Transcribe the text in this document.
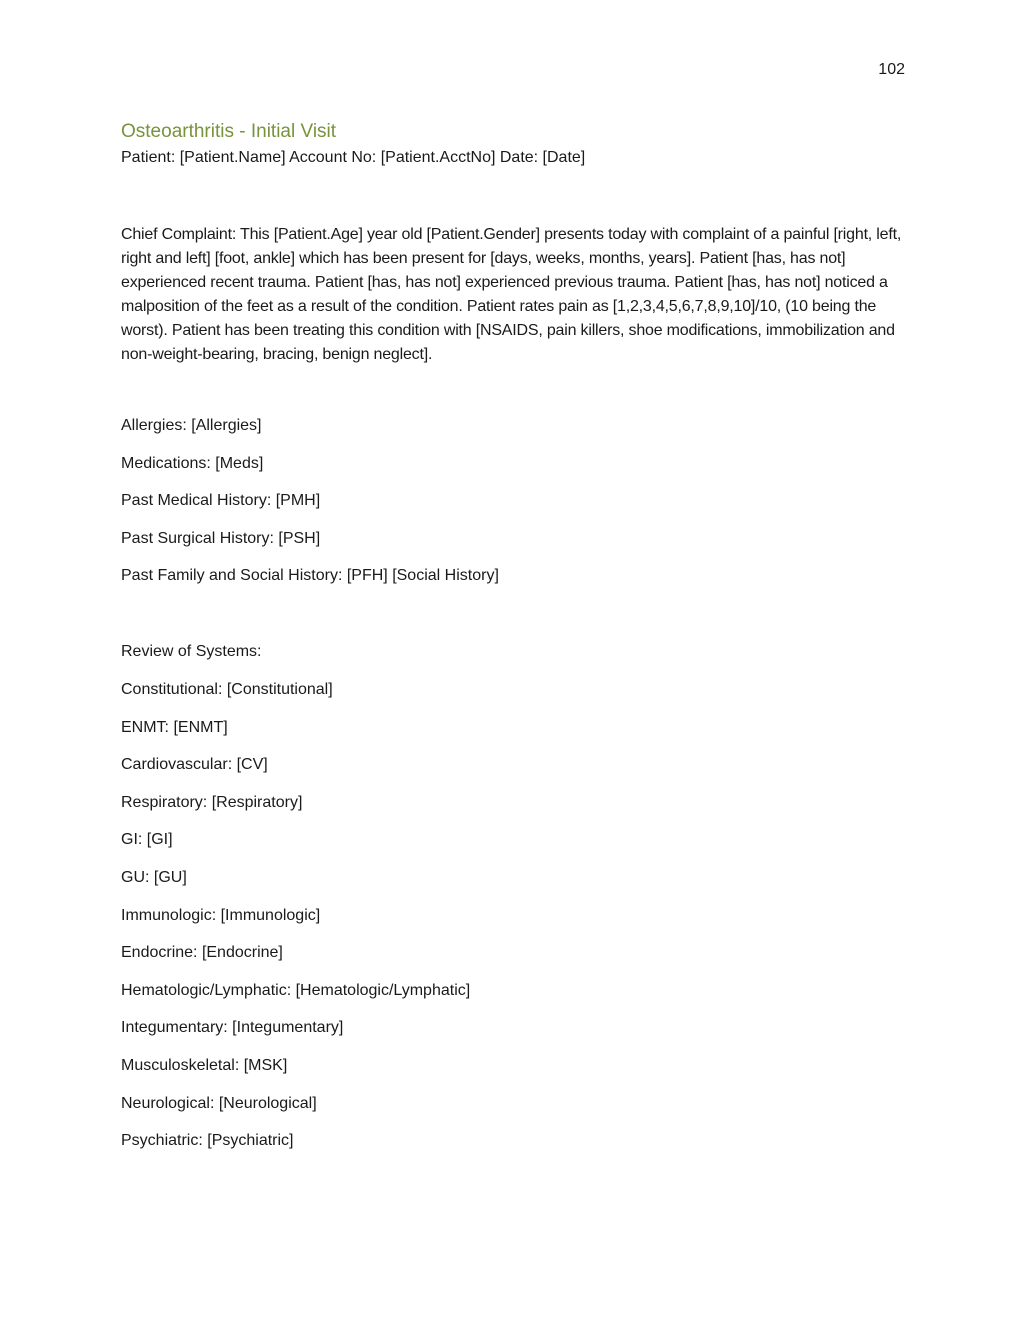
102
Osteoarthritis - Initial Visit

Patient: [Patient.Name] Account No: [Patient.AcctNo] Date: [Date]

Chief Complaint: This [Patient.Age] year old [Patient.Gender] presents today with complaint of a painful [right, left, right and left] [foot, ankle] which has been present for [days, weeks, months, years]. Patient [has, has not] experienced recent trauma. Patient [has, has not] experienced previous trauma. Patient [has, has not] noticed a malposition of the feet as a result of the condition. Patient rates pain as [1,2,3,4,5,6,7,8,9,10]/10, (10 being the worst). Patient has been treating this condition with [NSAIDS, pain killers, shoe modifications, immobilization and non-weight-bearing, bracing, benign neglect].

Allergies: [Allergies]

Medications: [Meds]

Past Medical History: [PMH]

Past Surgical History: [PSH]

Past Family and Social History: [PFH] [Social History]

Review of Systems:

Constitutional: [Constitutional]

ENMT: [ENMT]

Cardiovascular: [CV]

Respiratory: [Respiratory]

GI: [GI]

GU: [GU]

Immunologic: [Immunologic]

Endocrine: [Endocrine]

Hematologic/Lymphatic: [Hematologic/Lymphatic]

Integumentary: [Integumentary]

Musculoskeletal: [MSK]

Neurological: [Neurological]

Psychiatric: [Psychiatric]
